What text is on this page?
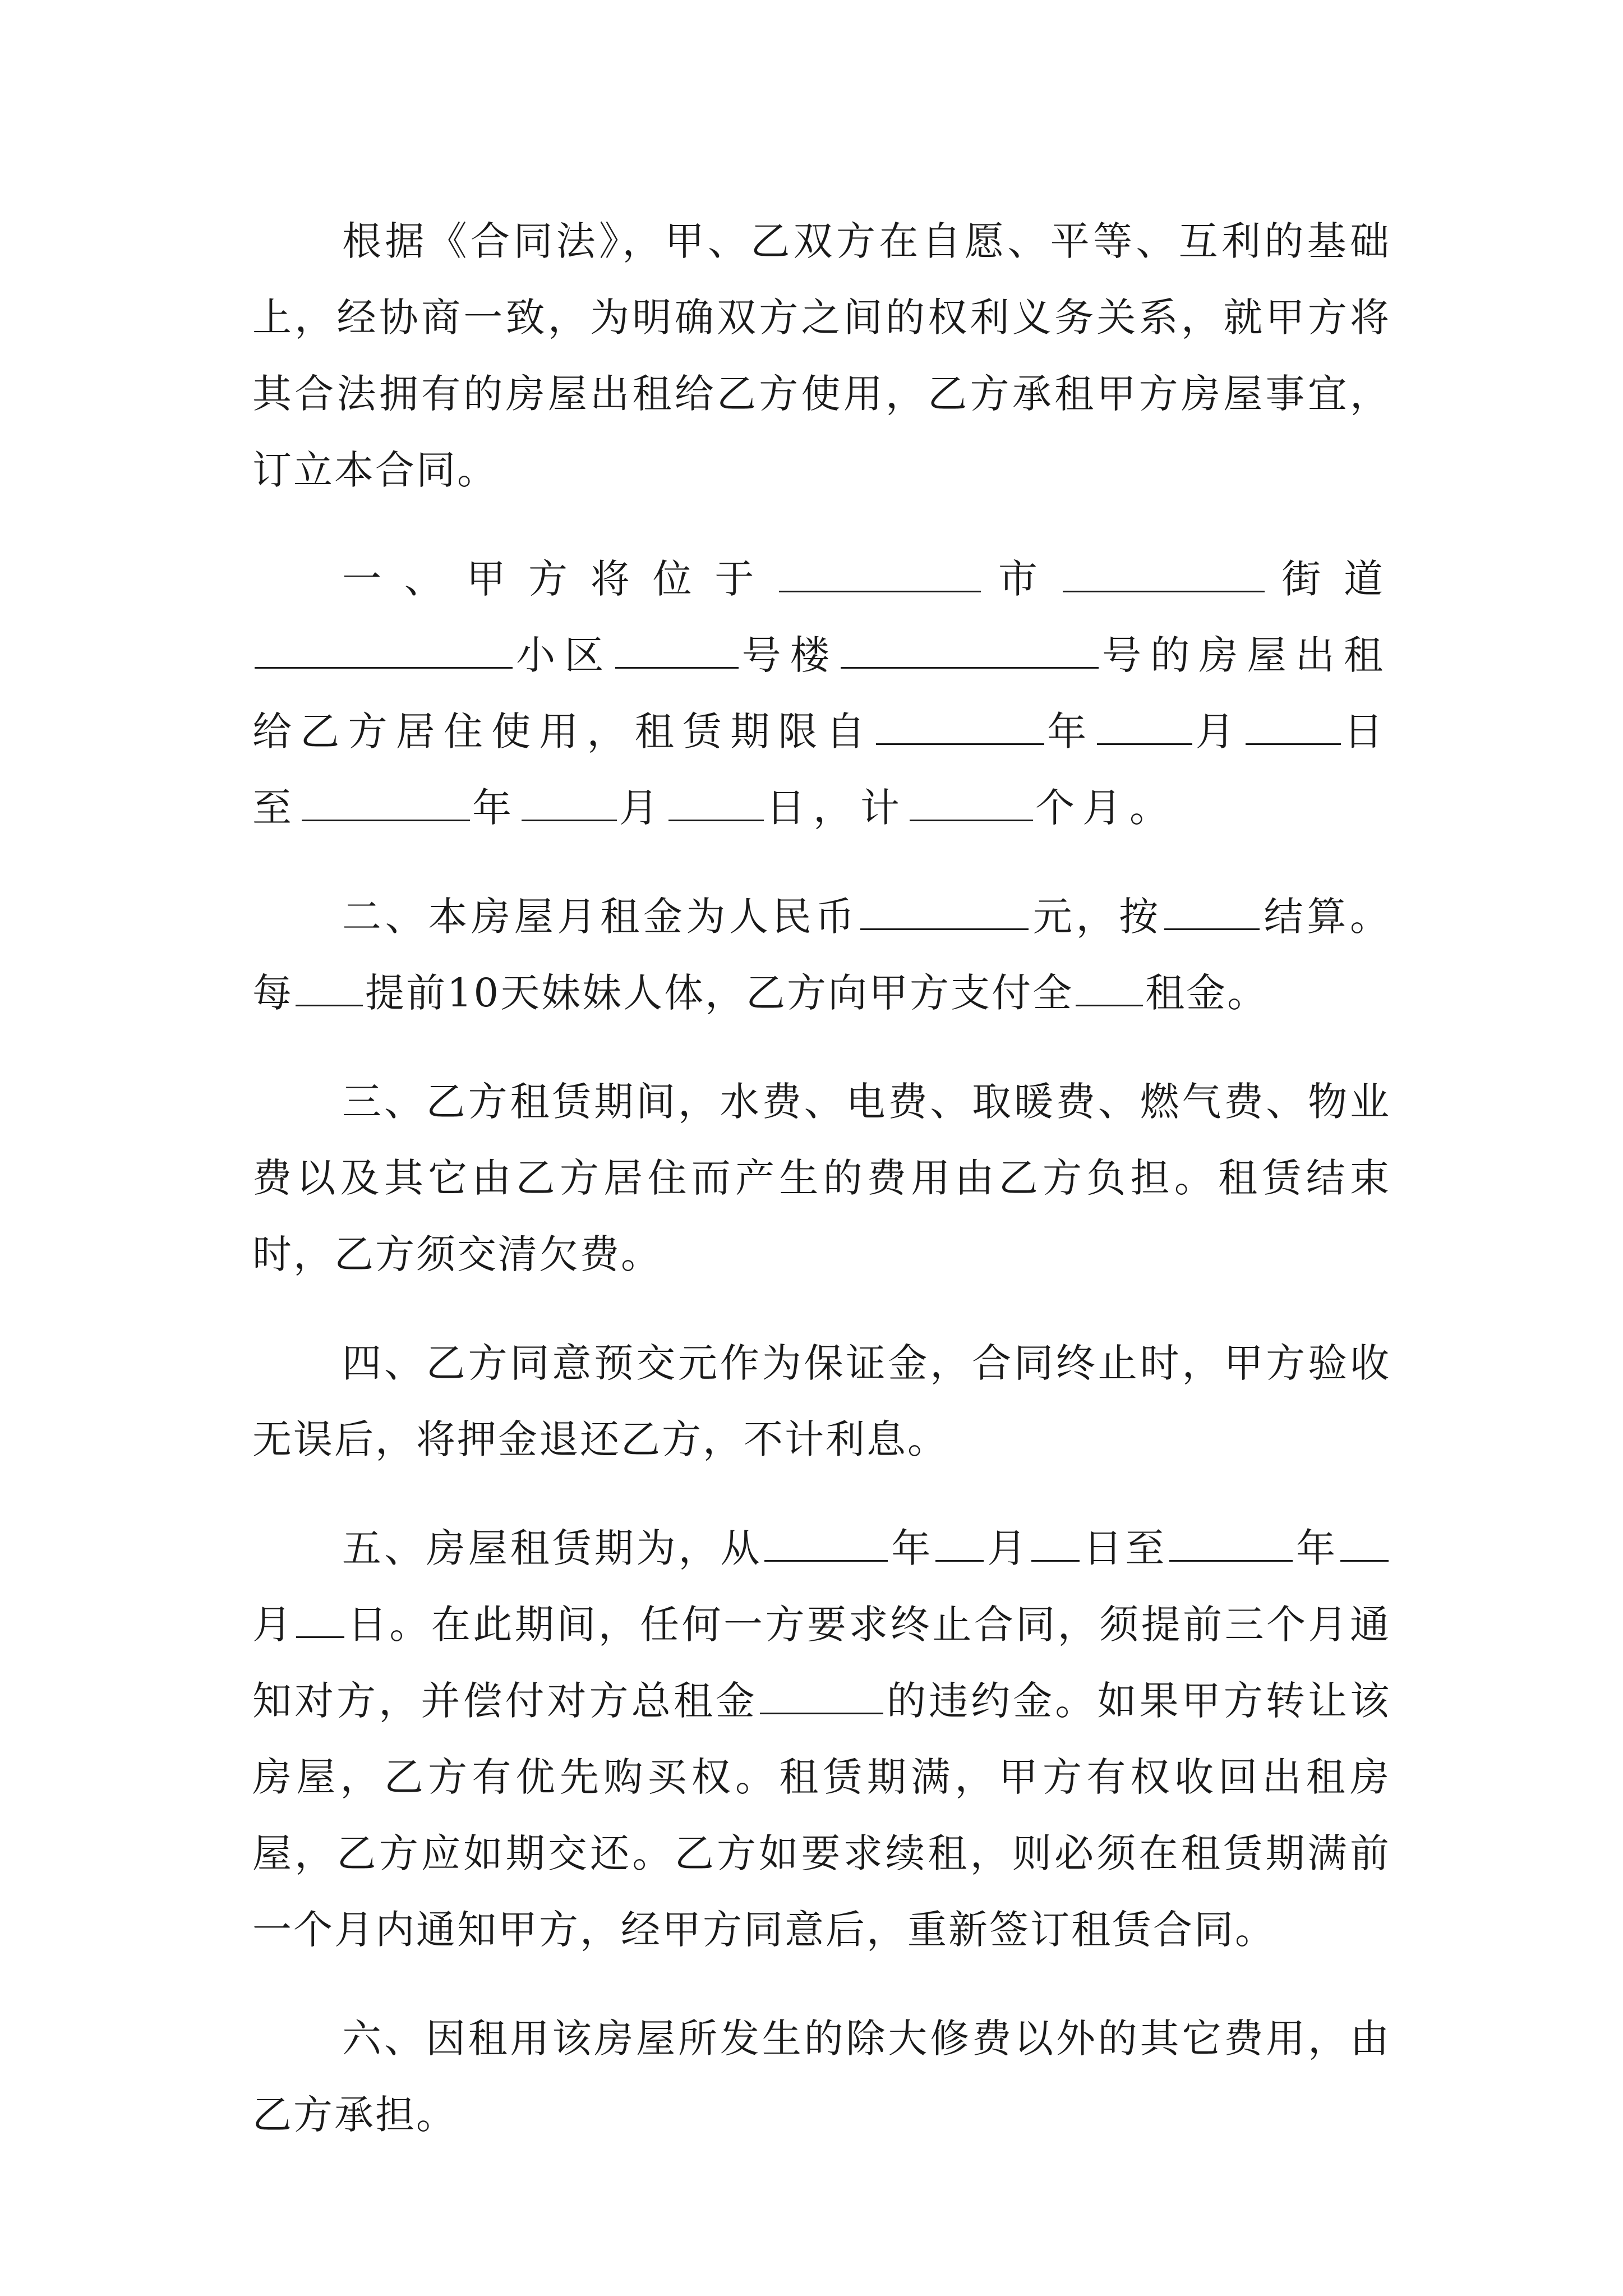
根据《合同法》，甲、乙双方在自愿、平等、互利的基础上，经协商一致，为明确双方之间的权利义务关系，就甲方将其合法拥有的房屋出租给乙方使用，乙方承租甲方房屋事宜，订立本合同。

一、甲方将位于	市	街道小区	号楼	号的房屋出租给乙方居住使用，租赁期限自	年	月	日至	年	月	日，计	个月。

二、本房屋月租金为人民币	元，按	结算。每 提前10天妹妹人体，乙方向甲方支付全 租金。

三、乙方租赁期间，水费、电费、取暖费、燃气费、物业费以及其它由乙方居住而产生的费用由乙方负担。租赁结束时，乙方须交清欠费。

四、乙方同意预交元作为保证金，合同终止时，甲方验收无误后，将押金退还乙方，不计利息。

五、房屋租赁期为，从	年 月 日至	年月 日。在此期间，任何一方要求终止合同，须提前三个月通知对方，并偿付对方总租金	的违约金。如果甲方转让该房屋，乙方有优先购买权。租赁期满，甲方有权收回出租房屋，乙方应如期交还。乙方如要求续租，则必须在租赁期满前一个月内通知甲方，经甲方同意后，重新签订租赁合同。

六、因租用该房屋所发生的除大修费以外的其它费用，由乙方承担。
